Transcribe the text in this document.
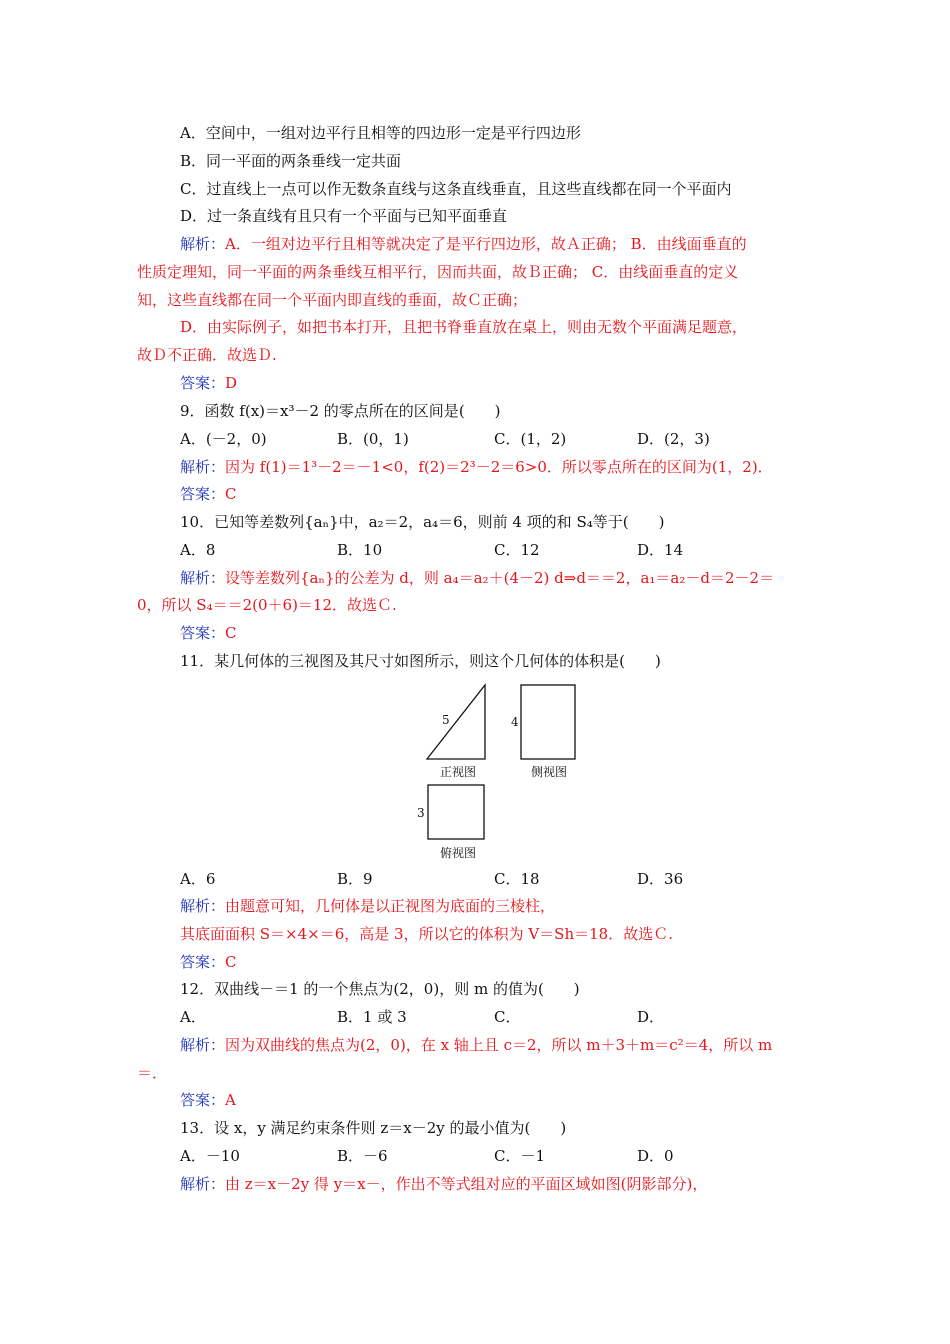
A．空间中，一组对边平行且相等的四边形一定是平行四边形
B．同一平面的两条垂线一定共面
C．过直线上一点可以作无数条直线与这条直线垂直，且这些直线都在同一个平面内
D．过一条直线有且只有一个平面与已知平面垂直
解析：A．一组对边平行且相等就决定了是平行四边形，故Ａ正确； B．由线面垂直的
性质定理知，同一平面的两条垂线互相平行，因而共面，故Ｂ正确； C．由线面垂直的定义
知，这些直线都在同一个平面内即直线的垂面，故Ｃ正确；
D．由实际例子，如把书本打开，且把书脊垂直放在桌上，则由无数个平面满足题意，
故Ｄ不正确．故选Ｄ.
答案：D
9．函数 f(x)＝x³－2 的零点所在的区间是(　　)
A．(－2，0)	B．(0，1)	C．(1，2)	D．(2，3)
解析：因为 f(1)＝1³－2＝－1<0，f(2)＝2³－2＝6>0．所以零点所在的区间为(1，2)．
答案：C
10．已知等差数列{aₙ}中，a₂＝2，a₄＝6，则前 4 项的和 S₄等于(　　)
A．8	B．10	C．12	D．14
解析：设等差数列{aₙ}的公差为 d，则 a₄＝a₂＋(4－2) d⇒d＝＝2，a₁＝a₂－d＝2－2＝
0，所以 S₄＝＝2(0＋6)＝12．故选Ｃ.
答案：C
11．某几何体的三视图及其尺寸如图所示，则这个几何体的体积是(　　)
5
正视图
4
侧视图
3
俯视图
A．6	B．9	C．18	D．36
解析：由题意可知，几何体是以正视图为底面的三棱柱，
其底面面积 S＝×4×＝6，高是 3，所以它的体积为 V＝Sh＝18．故选Ｃ.
答案：C
12．双曲线－＝1 的一个焦点为(2，0)，则 m 的值为(　　)
A．	B．1 或 3	C．	D．
解析：因为双曲线的焦点为(2，0)，在 x 轴上且 c＝2，所以 m＋3＋m＝c²＝4，所以 m
＝．
答案：A
13．设 x，y 满足约束条件则 z＝x－2y 的最小值为(　　)
A．－10	B．－6	C．－1	D．0
解析：由 z＝x－2y 得 y＝x－，作出不等式组对应的平面区域如图(阴影部分)，
